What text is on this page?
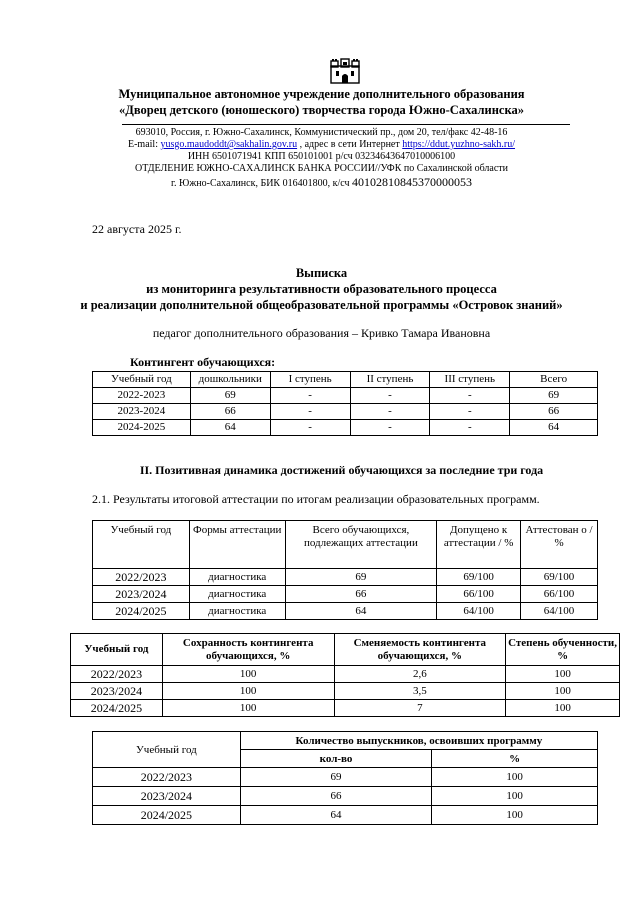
Муниципальное автономное учреждение дополнительного образования
«Дворец детского (юношеского) творчества города Южно-Сахалинска»
693010, Россия, г. Южно-Сахалинск, Коммунистический пр., дом 20, тел/факс 42-48-16
E-mail: yusgo.maudoddt@sakhalin.gov.ru , адрес в сети Интернет https://ddut.yuzhno-sakh.ru/
ИНН 6501071941 КПП 650101001 р/сч 03234643647010006100
ОТДЕЛЕНИЕ ЮЖНО-САХАЛИНСК БАНКА РОССИИ//УФК по Сахалинской области
г. Южно-Сахалинск, БИК 016401800, к/сч 40102810845370000053
22 августа 2025 г.
Выписка
из мониторинга результативности образовательного процесса
и реализации дополнительной общеобразовательной программы «Островок знаний»
педагог дополнительного образования – Кривко Тамара Ивановна
Контингент обучающихся:
Учебный год	дошкольники	I ступень	II ступень	III ступень	Всего
2022-2023	69	-	-	-	69
2023-2024	66	-	-	-	66
2024-2025	64	-	-	-	64
II. Позитивная динамика достижений обучающихся за последние три года
2.1. Результаты итоговой аттестации по итогам реализации образовательных программ.
Учебный год	Формы аттестации	Всего обучающихся, подлежащих аттестации	Допущено к аттестации / %	Аттестован о / %
2022/2023	диагностика	69	69/100	69/100
2023/2024	диагностика	66	66/100	66/100
2024/2025	диагностика	64	64/100	64/100
Учебный год	Сохранность контингента обучающихся, %	Сменяемость контингента обучающихся, %	Степень обученности, %
2022/2023	100	2,6	100
2023/2024	100	3,5	100
2024/2025	100	7	100
Учебный год	Количество выпускников, освоивших программу	
	кол-во	%
2022/2023	69	100
2023/2024	66	100
2024/2025	64	100
